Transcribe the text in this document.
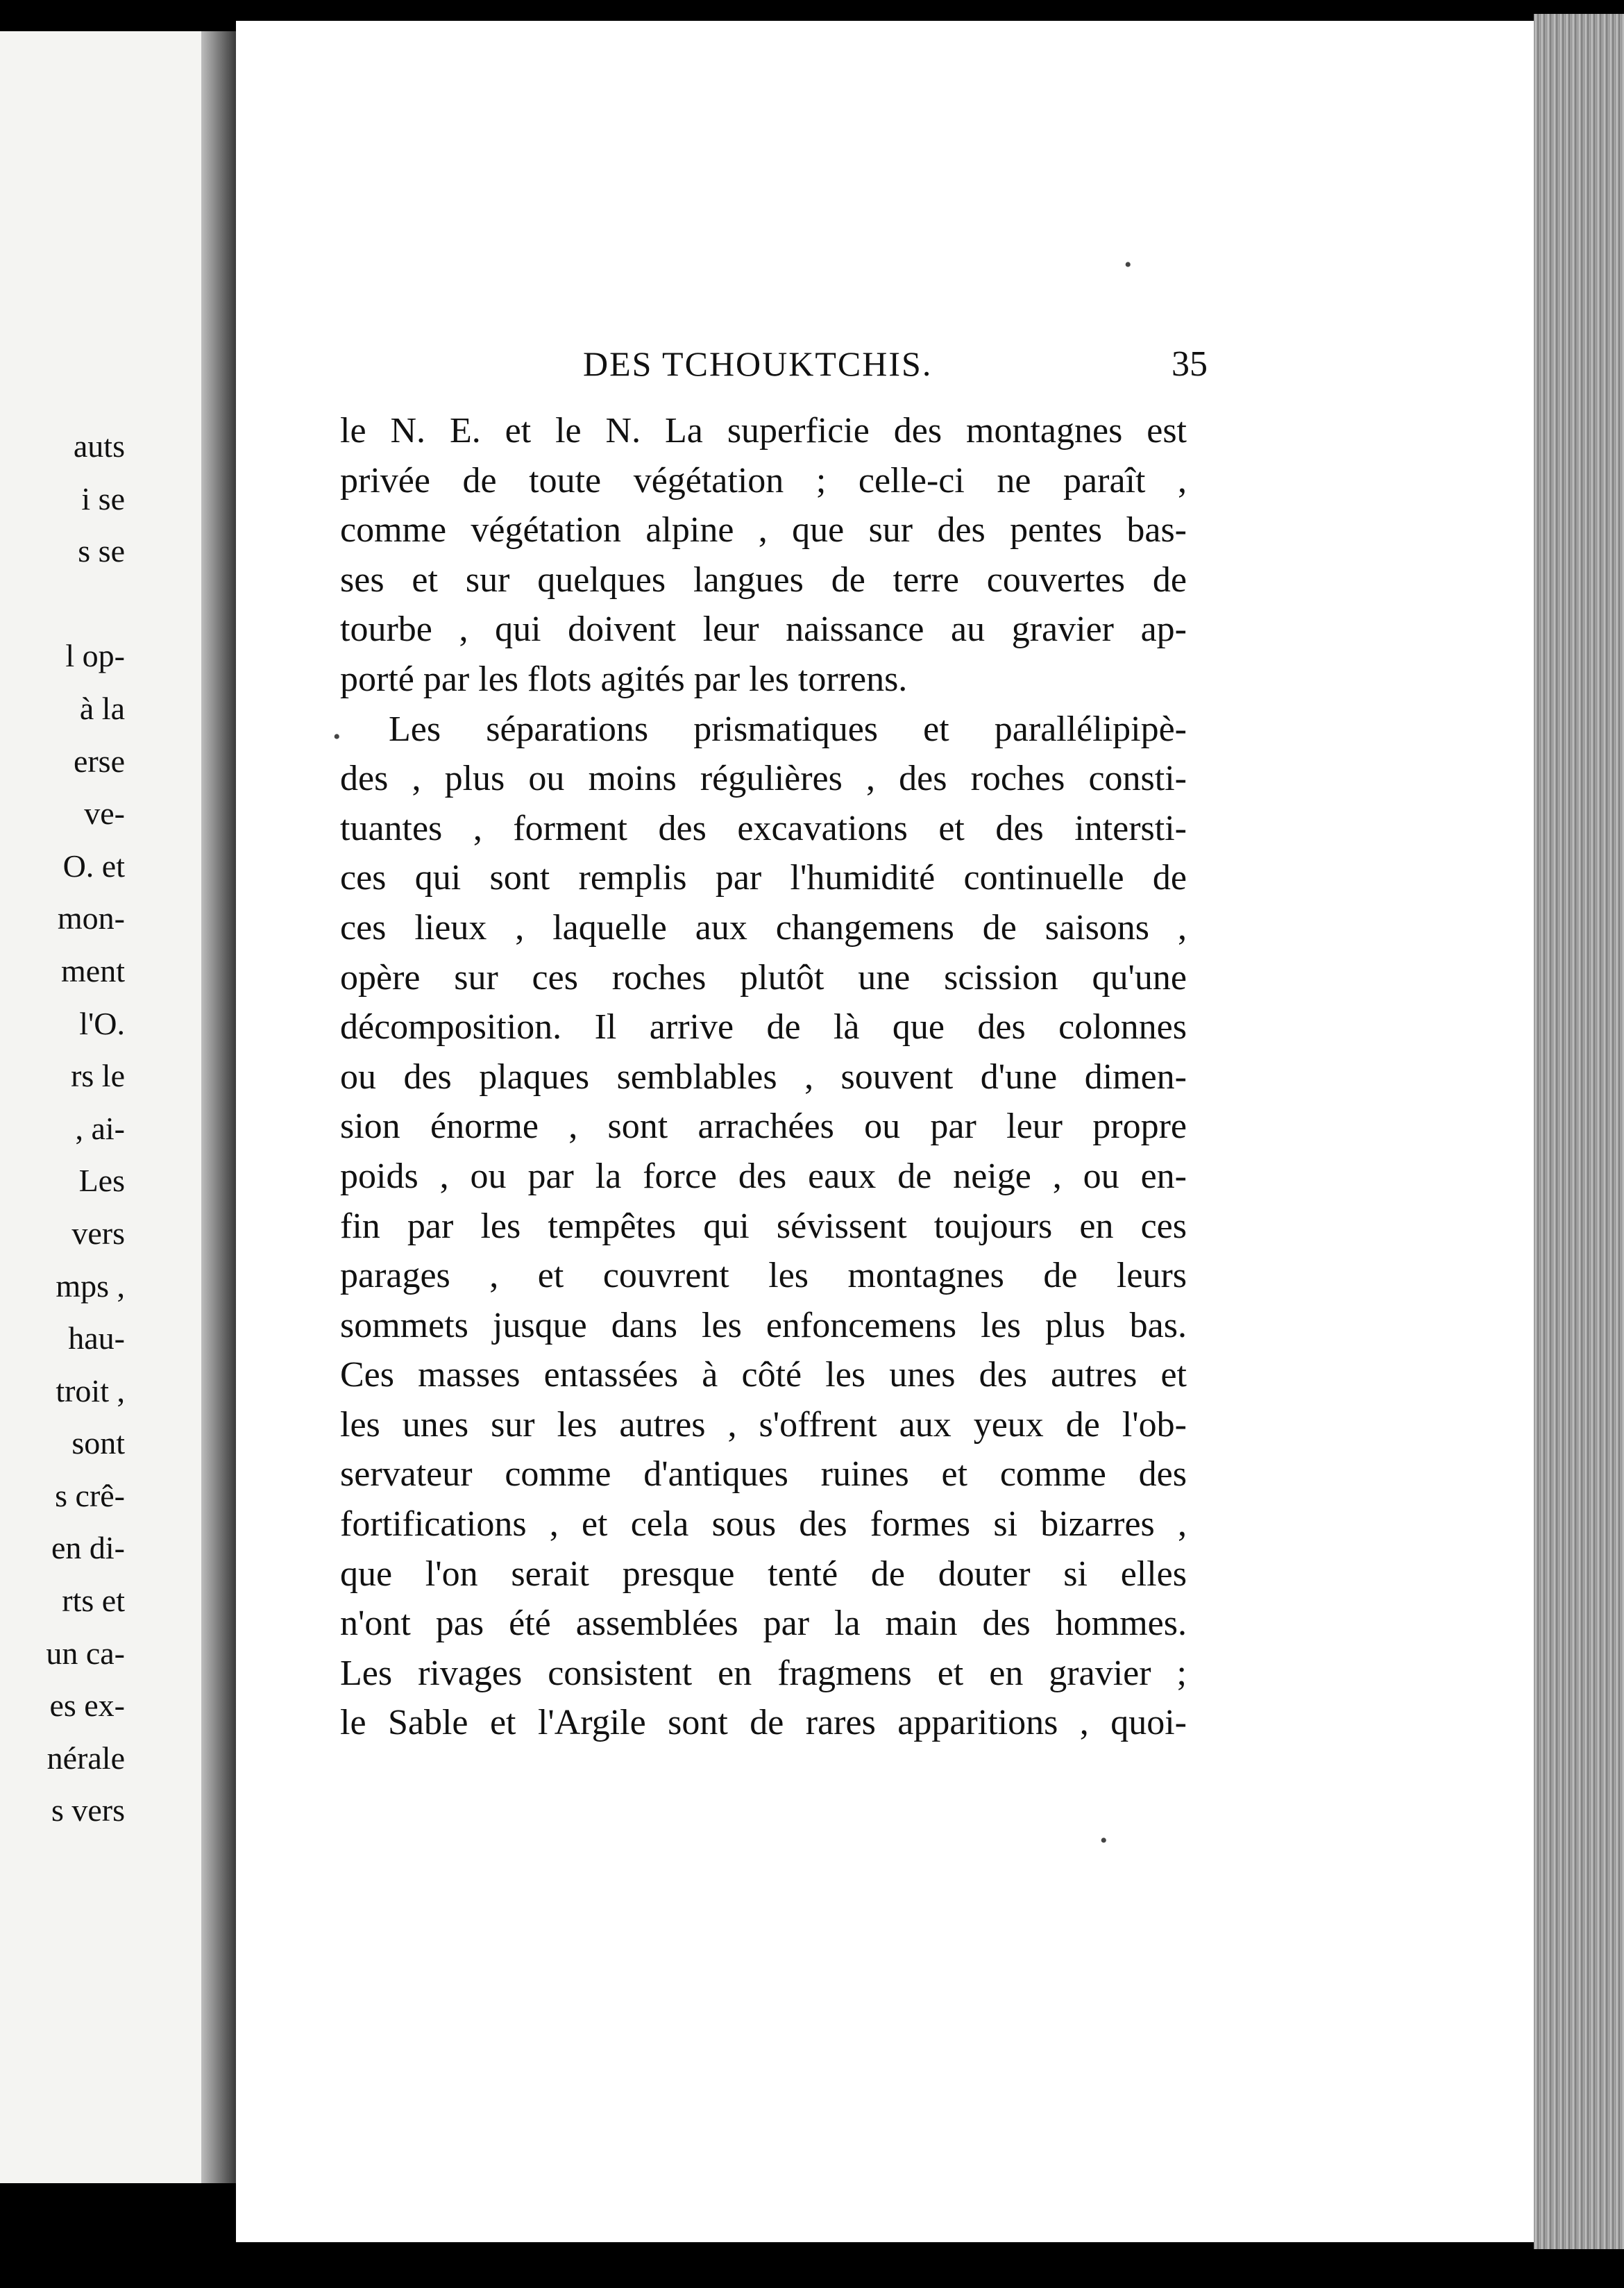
auts
i se
s se
l op-
à la
erse
ve-
O. et
mon-
ment
l'O.
rs le
, ai-
Les
vers
mps ,
hau-
troit ,
sont
s crê-
en di-
rts et
un ca-
es ex-
nérale
s vers
DES TCHOUKTCHIS.	35
le N. E. et le N. La superficie des montagnes est
privée de toute végétation ; celle-ci ne paraît ,
comme végétation alpine , que sur des pentes bas-
ses et sur quelques langues de terre couvertes de
tourbe , qui doivent leur naissance au gravier ap-
porté par les flots agités par les torrens.
Les séparations prismatiques et parallélipipè-
des , plus ou moins régulières , des roches consti-
tuantes , forment des excavations et des intersti-
ces qui sont remplis par l'humidité continuelle de
ces lieux , laquelle aux changemens de saisons ,
opère sur ces roches plutôt une scission qu'une
décomposition. Il arrive de là que des colonnes
ou des plaques semblables , souvent d'une dimen-
sion énorme , sont arrachées ou par leur propre
poids , ou par la force des eaux de neige , ou en-
fin par les tempêtes qui sévissent toujours en ces
parages , et couvrent les montagnes de leurs
sommets jusque dans les enfoncemens les plus bas.
Ces masses entassées à côté les unes des autres et
les unes sur les autres , s'offrent aux yeux de l'ob-
servateur comme d'antiques ruines et comme des
fortifications , et cela sous des formes si bizarres ,
que l'on serait presque tenté de douter si elles
n'ont pas été assemblées par la main des hommes.
Les rivages consistent en fragmens et en gravier ;
le Sable et l'Argile sont de rares apparitions , quoi-
•
•
•
